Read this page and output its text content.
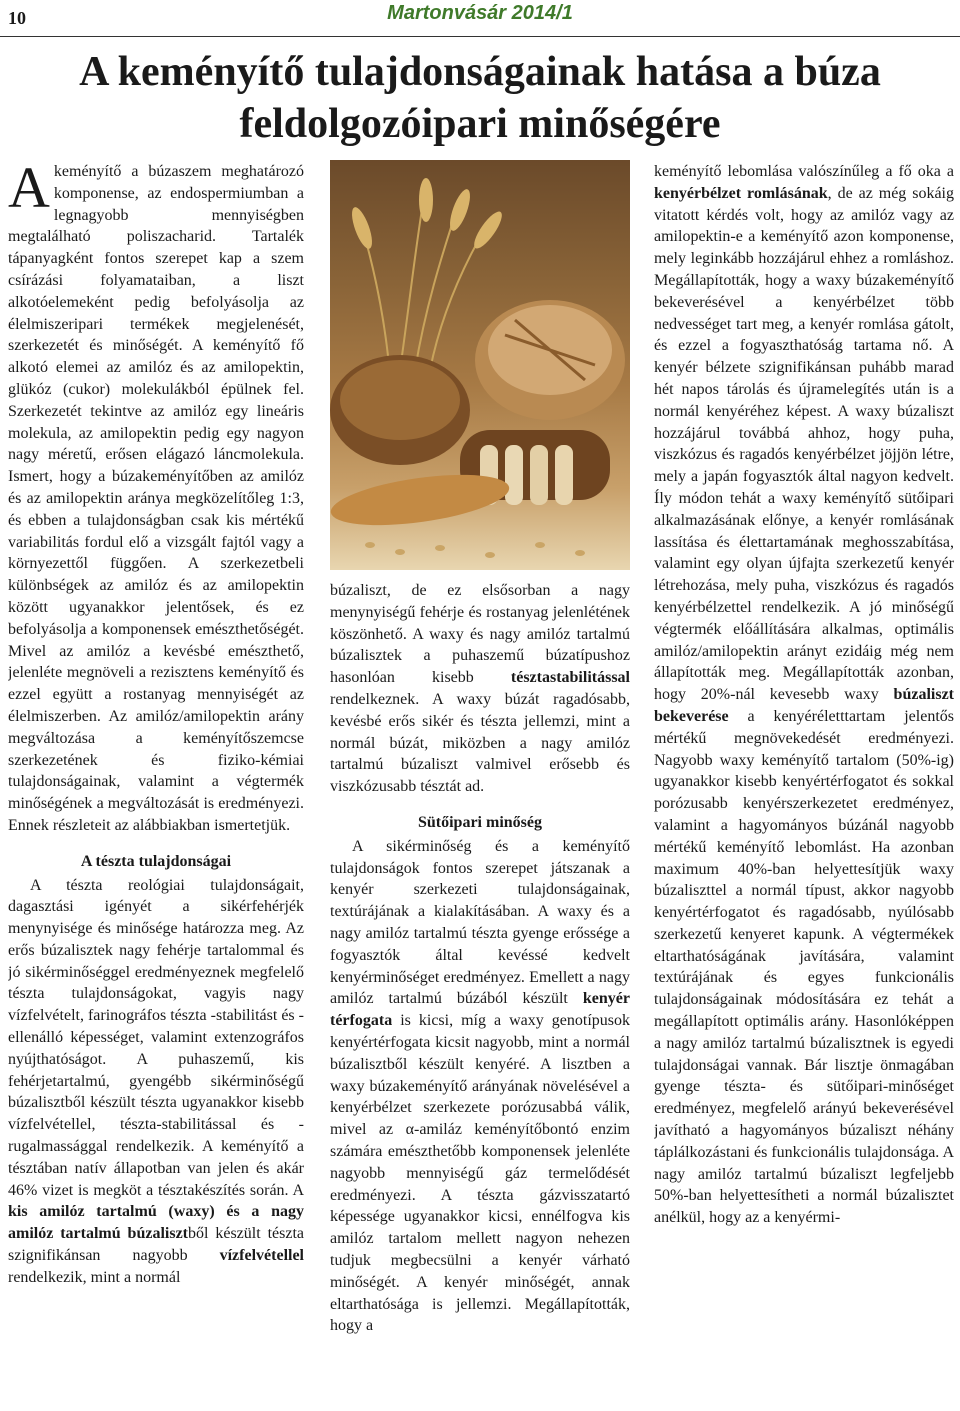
10	Martonvásár 2014/1
A keményítő tulajdonságainak hatása a búza feldolgozóipari minőségére

A keményítő a búzaszem meghatározó komponense, az endospermiumban a legnagyobb mennyiségben megtalálható poliszacharid. Tartalék tápanyagként fontos szerepet kap a szem csírázási folyamataiban, a liszt alkotóelemeként pedig befolyásolja az élelmiszeripari termékek megjelenését, szerkezetét és minőségét. A keményítő fő alkotó elemei az amilóz és az amilopektin, glükóz (cukor) molekulákból épülnek fel. Szerkezetét tekintve az amilóz egy lineáris molekula, az amilopektin pedig egy nagyon nagy méretű, erősen elágazó láncmolekula. Ismert, hogy a búzakeményítőben az amilóz és az amilopektin aránya megközelítőleg 1:3, és ebben a tulajdonságban csak kis mértékű variabilitás fordul elő a vizsgált fajtól vagy a környezettől függően. A szerkezetbeli különbségek az amilóz és az amilopektin között ugyanakkor jelentősek, és ez befolyásolja a komponensek emészthetőségét. Mivel az amilóz a kevésbé emészthető, jelenléte megnöveli a rezisztens keményítő és ezzel együtt a rostanyag mennyiségét az élelmiszerben. Az amilóz/amilopektin arány megváltozása a keményítőszemcse szerkezetének és fiziko-kémiai tulajdonságainak, valamint a végtermék minőségének a megváltozását is eredményezi. Ennek részleteit az alábbiakban ismertetjük.

A tészta tulajdonságai

A tészta reológiai tulajdonságait, dagasztási igényét a sikérfehérjék menynyisége és minősége határozza meg. Az erős búzalisztek nagy fehérje tartalommal és jó sikérminőséggel eredményeznek megfelelő tészta tulajdonságokat, vagyis nagy vízfelvételt, farinográfos tészta -stabilitást és -ellenálló képességet, valamint extenzográfos nyújthatóságot. A puhaszemű, kis fehérjetartalmú, gyengébb sikérminőségű búzalisztből készült tészta ugyanakkor kisebb vízfelvétellel, tészta-stabilitással és -rugalmassággal rendelkezik. A keményítő a tésztában natív állapotban van jelen és akár 46% vizet is megköt a tésztakészítés során. A kis amilóz tartalmú (waxy) és a nagy amilóz tartalmú búzalisztből készült tészta szignifikánsan nagyobb vízfelvétellel rendelkezik, mint a normál

búzaliszt, de ez elsősorban a nagy menynyiségű fehérje és rostanyag jelenlétének köszönhető. A waxy és nagy amilóz tartalmú búzalisztek a puhaszemű búzatípushoz hasonlóan kisebb tésztastabilitással rendelkeznek. A waxy búzát ragadósabb, kevésbé erős sikér és tészta jellemzi, mint a normál búzát, miközben a nagy amilóz tartalmú búzaliszt valmivel erősebb és viszkózusabb tésztát ad.

Sütőipari minőség

A sikérminőség és a keményítő tulajdonságok fontos szerepet játszanak a kenyér szerkezeti tulajdonságainak, textúrájának a kialakításában. A waxy és a nagy amilóz tartalmú tészta gyenge erőssége a fogyasztók által kevéssé kedvelt kenyérminőséget eredményez. Emellett a nagy amilóz tartalmú búzából készült kenyér térfogata is kicsi, míg a waxy genotípusok kenyértérfogata kicsit nagyobb, mint a normál búzalisztből készült kenyéré. A lisztben a waxy búzakeményítő arányának növelésével a kenyérbélzet szerkezete porózusabbá válik, mivel az α-amiláz keményítőbontó enzim számára emészthetőbb komponensek jelenléte nagyobb mennyiségű gáz termelődését eredményezi. A tészta gázvisszatartó képessége ugyanakkor kicsi, ennélfogva kis amilóz tartalom mellett nagyon nehezen tudjuk megbecsülni a kenyér várható minőségét. A kenyér minőségét, annak eltarthatósága is jellemzi. Megállapították, hogy a

keményítő lebomlása valószínűleg a fő oka a kenyérbélzet romlásának, de az még sokáig vitatott kérdés volt, hogy az amilóz vagy az amilopektin-e a keményítő azon komponense, mely leginkább hozzájárul ehhez a romláshoz. Megállapították, hogy a waxy búzakeményítő bekeverésével a kenyérbélzet több nedvességet tart meg, a kenyér romlása gátolt, és ezzel a fogyaszthatóság tartama nő. A kenyér bélzete szignifikánsan puhább marad hét napos tárolás és újramelegítés után is a normál kenyéréhez képest. A waxy búzaliszt hozzájárul továbbá ahhoz, hogy puha, viszkózus és ragadós kenyérbélzet jöjjön létre, mely a japán fogyasztók által nagyon kedvelt. Íly módon tehát a waxy keményítő sütőipari alkalmazásának előnye, a kenyér romlásának lassítása és élettartamának meghosszabítása, valamint egy olyan újfajta szerkezetű kenyér létrehozása, mely puha, viszkózus és ragadós kenyérbélzettel rendelkezik. A jó minőségű végtermék előállítására alkalmas, optimális amilóz/amilopektin arányt ezidáig még nem állapították meg. Megállapították azonban, hogy 20%-nál kevesebb waxy búzaliszt bekeverése a kenyéréletttartam jelentős mértékű megnövekedését eredményezi. Nagyobb waxy keményítő tartalom (50%-ig) ugyanakkor kisebb kenyértérfogatot és sokkal porózusabb kenyérszerkezetet eredményez, valamint a hagyományos búzánál nagyobb mértékű keményítő lebomlást. Ha azonban maximum 40%-ban helyettesítjük waxy búzaliszttel a normál típust, akkor nagyobb kenyértérfogatot és ragadósabb, nyúlósabb szerkezetű kenyeret kapunk. A végtermékek eltarthatóságának javítására, valamint textúrájának és egyes funkcionális tulajdonságainak módosítására ez tehát a megállapított optimális arány. Hasonlóképpen a nagy amilóz tartalmú búzalisztnek is egyedi tulajdonságai vannak. Bár lisztje önmagában gyenge tészta- és sütőipari-minőséget eredményez, megfelelő arányú bekeverésével javítható a hagyományos búzaliszt néhány táplálkozástani és funkcionális tulajdonsága. A nagy amilóz tartalmú búzaliszt legfeljebb 50%-ban helyettesítheti a normál búzalisztet anélkül, hogy az a kenyérmi-
